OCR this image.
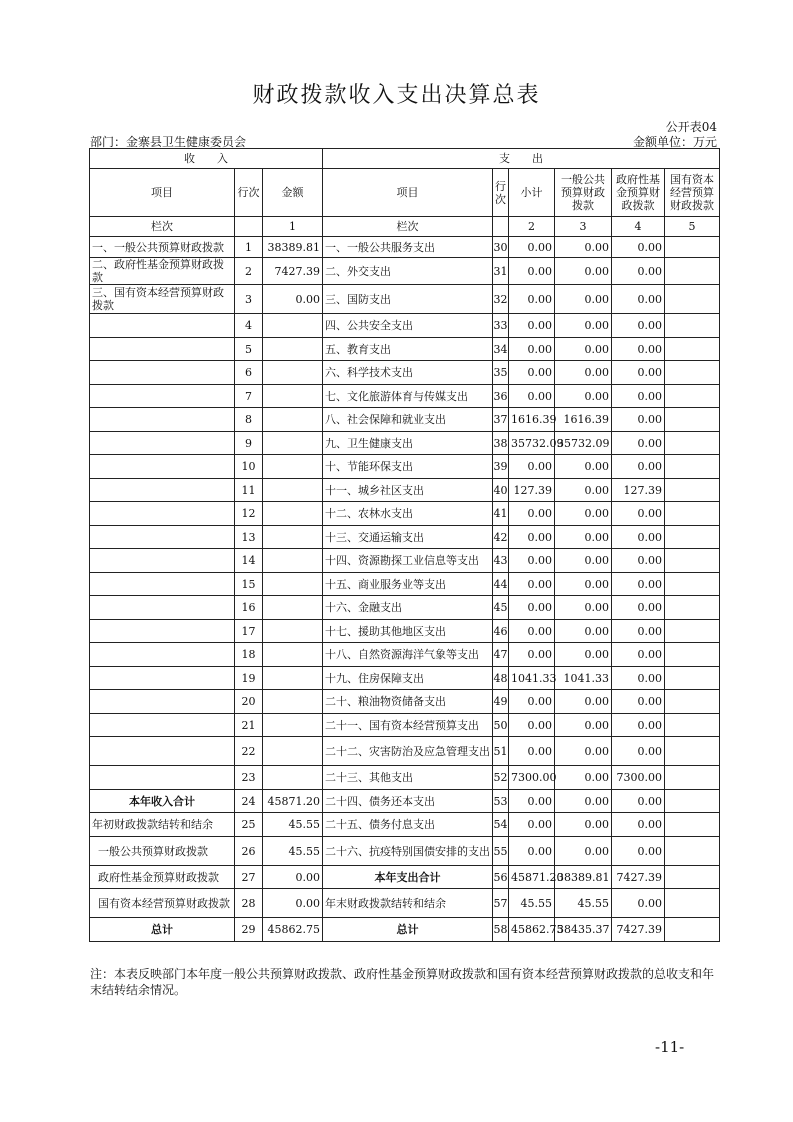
财政拨款收入支出决算总表
公开表04
部门：金寨县卫生健康委员会	金额单位：万元
收　　入			支　　出					
项目	行次	金额	项目	行次	小计	一般公共预算财政拨款	政府性基金预算财政拨款	国有资本经营预算财政拨款
栏次		1	栏次		2	3	4	5
一、一般公共预算财政拨款	1	38389.81	一、一般公共服务支出	30	0.00	0.00	0.00	
二、政府性基金预算财政拨款	2	7427.39	二、外交支出	31	0.00	0.00	0.00	
三、国有资本经营预算财政拨款	3	0.00	三、国防支出	32	0.00	0.00	0.00	
	4		四、公共安全支出	33	0.00	0.00	0.00	
	5		五、教育支出	34	0.00	0.00	0.00	
	6		六、科学技术支出	35	0.00	0.00	0.00	
	7		七、文化旅游体育与传媒支出	36	0.00	0.00	0.00	
	8		八、社会保障和就业支出	37	1616.39	1616.39	0.00	
	9		九、卫生健康支出	38	35732.09	35732.09	0.00	
	10		十、节能环保支出	39	0.00	0.00	0.00	
	11		十一、城乡社区支出	40	127.39	0.00	127.39	
	12		十二、农林水支出	41	0.00	0.00	0.00	
	13		十三、交通运输支出	42	0.00	0.00	0.00	
	14		十四、资源勘探工业信息等支出	43	0.00	0.00	0.00	
	15		十五、商业服务业等支出	44	0.00	0.00	0.00	
	16		十六、金融支出	45	0.00	0.00	0.00	
	17		十七、援助其他地区支出	46	0.00	0.00	0.00	
	18		十八、自然资源海洋气象等支出	47	0.00	0.00	0.00	
	19		十九、住房保障支出	48	1041.33	1041.33	0.00	
	20		二十、粮油物资储备支出	49	0.00	0.00	0.00	
	21		二十一、国有资本经营预算支出	50	0.00	0.00	0.00	
	22		二十二、灾害防治及应急管理支出	51	0.00	0.00	0.00	
	23		二十三、其他支出	52	7300.00	0.00	7300.00	
本年收入合计	24	45871.20	二十四、债务还本支出	53	0.00	0.00	0.00	
年初财政拨款结转和结余	25	45.55	二十五、债务付息支出	54	0.00	0.00	0.00	
一般公共预算财政拨款	26	45.55	二十六、抗疫特别国债安排的支出	55	0.00	0.00	0.00	
政府性基金预算财政拨款	27	0.00	本年支出合计	56	45871.20	38389.81	7427.39	
国有资本经营预算财政拨款	28	0.00	年末财政拨款结转和结余	57	45.55	45.55	0.00	
总计	29	45862.75	总计	58	45862.75	38435.37	7427.39	
注：本表反映部门本年度一般公共预算财政拨款、政府性基金预算财政拨款和国有资本经营预算财政拨款的总收支和年末结转结余情况。
-11-
